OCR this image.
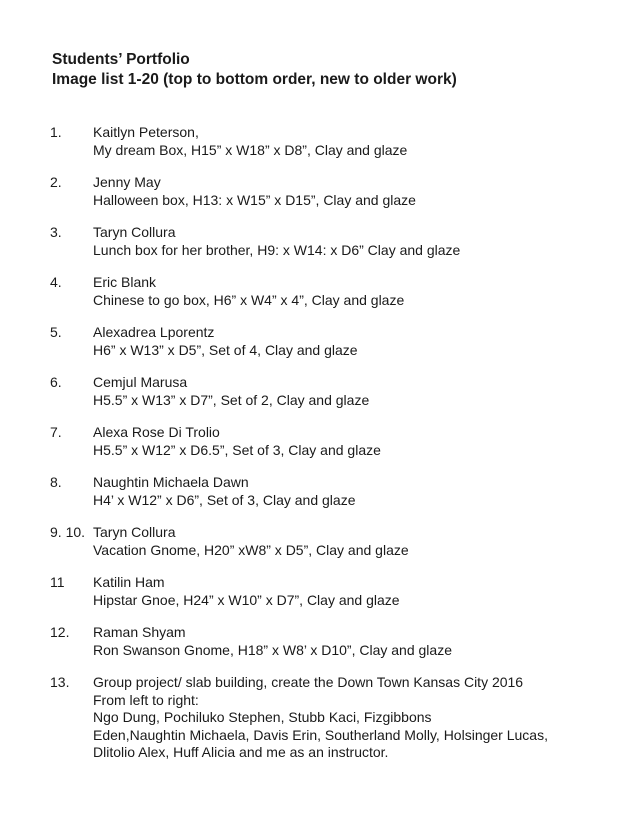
Students’ Portfolio
Image list 1-20 (top to bottom order, new to older work)
1. Kaitlyn Peterson,
My dream Box, H15” x W18” x D8”, Clay and glaze
2. Jenny May
Halloween box, H13: x W15” x D15”, Clay and glaze
3. Taryn Collura
Lunch box for her brother, H9: x W14: x D6” Clay and glaze
4. Eric Blank
Chinese to go box, H6” x W4” x 4”, Clay and glaze
5. Alexadrea Lporentz
H6” x W13” x D5”, Set of 4, Clay and glaze
6. Cemjul Marusa
H5.5” x W13” x D7”, Set of 2, Clay and glaze
7. Alexa Rose Di Trolio
H5.5” x W12” x D6.5”, Set of 3, Clay and glaze
8. Naughtin Michaela Dawn
H4’ x W12” x D6”, Set of 3, Clay and glaze
9. 10. Taryn Collura
Vacation Gnome, H20” xW8” x D5”, Clay and glaze
11 Katilin Ham
Hipstar Gnoe, H24” x W10” x D7”, Clay and glaze
12. Raman Shyam
Ron Swanson Gnome, H18” x W8’ x D10”, Clay and glaze
13. Group project/ slab building, create the Down Town Kansas City 2016
From left to right:
Ngo Dung, Pochiluko Stephen, Stubb Kaci, Fizgibbons
Eden,Naughtin Michaela, Davis Erin, Southerland Molly, Holsinger Lucas,
Dlitolio Alex, Huff Alicia and me as an instructor.
